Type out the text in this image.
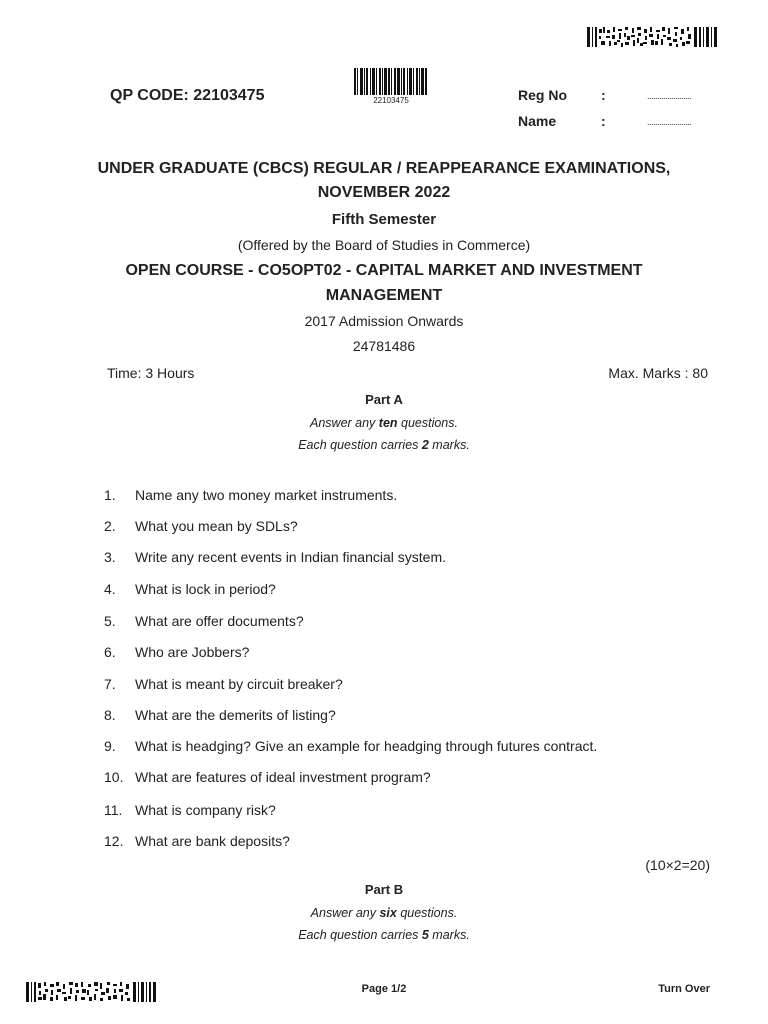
QP CODE: 22103475	22103475	Reg No :	......................
Name	:	......................
UNDER GRADUATE (CBCS) REGULAR / REAPPEARANCE EXAMINATIONS,
NOVEMBER 2022
Fifth Semester
(Offered by the Board of Studies in Commerce)
OPEN COURSE - CO5OPT02 - CAPITAL MARKET AND INVESTMENT
MANAGEMENT
2017 Admission Onwards
24781486
Time: 3 Hours	Max. Marks : 80
Part A
Answer any ten questions.
Each question carries 2 marks.
1. Name any two money market instruments.
2. What you mean by SDLs?
3. Write any recent events in Indian financial system.
4. What is lock in period?
5. What are offer documents?
6. Who are Jobbers?
7. What is meant by circuit breaker?
8. What are the demerits of listing?
9. What is headging? Give an example for headging through futures contract.
10. What are features of ideal investment program?
11. What is company risk?
12. What are bank deposits?
(10×2=20)
Part B
Answer any six questions.
Each question carries 5 marks.
Page 1/2	Turn Over
